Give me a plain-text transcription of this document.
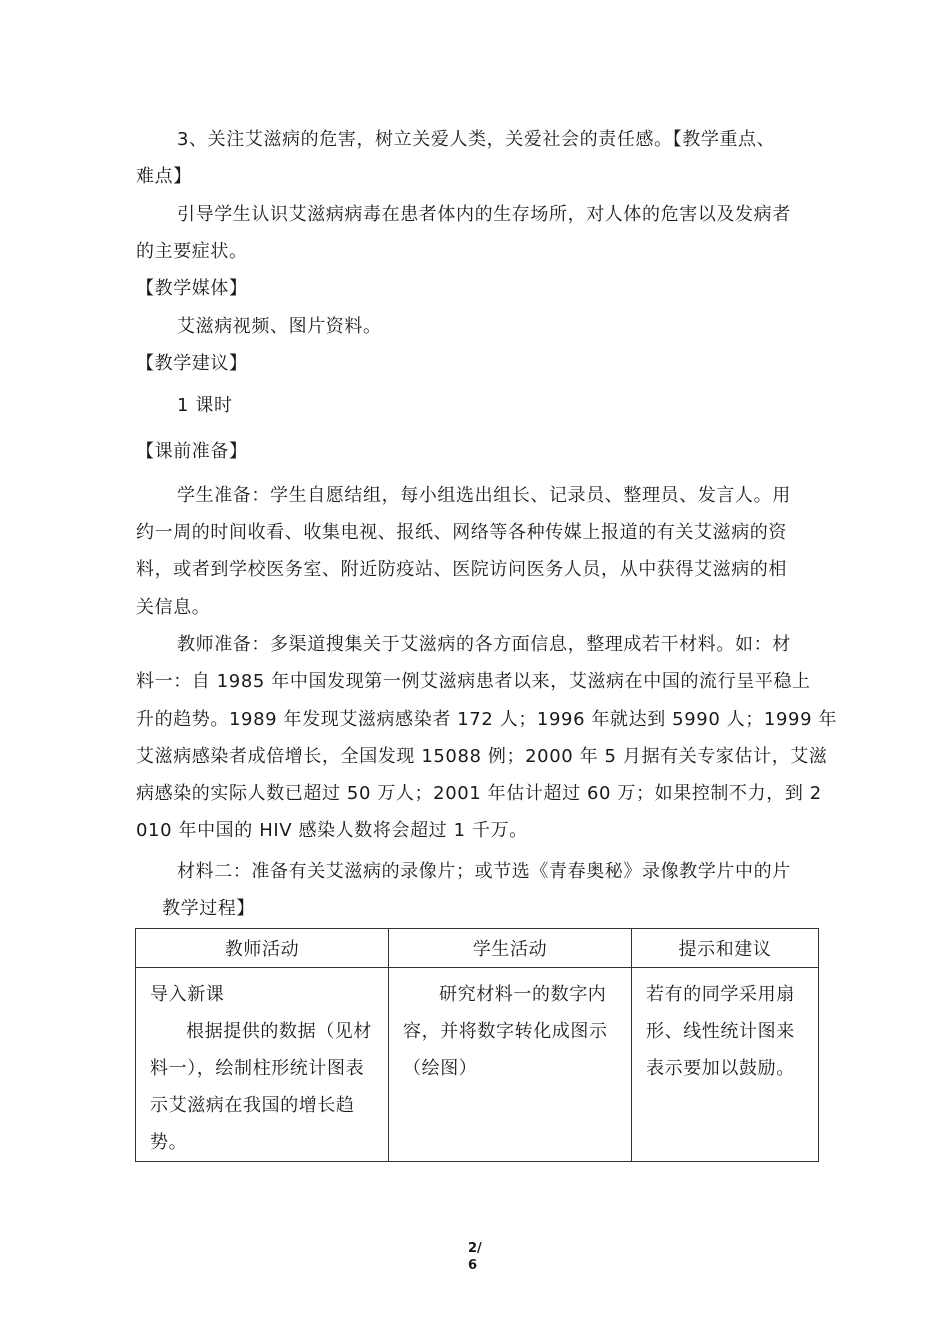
3、关注艾滋病的危害，树立关爱人类，关爱社会的责任感。【教学重点、

难点】

引导学生认识艾滋病病毒在患者体内的生存场所，对人体的危害以及发病者

的主要症状。

【教学媒体】

艾滋病视频、图片资料。

【教学建议】

1 课时

【课前准备】

学生准备：学生自愿结组，每小组选出组长、记录员、整理员、发言人。用

约一周的时间收看、收集电视、报纸、网络等各种传媒上报道的有关艾滋病的资

料，或者到学校医务室、附近防疫站、医院访问医务人员，从中获得艾滋病的相

关信息。

教师准备：多渠道搜集关于艾滋病的各方面信息，整理成若干材料。如：材

料一：自 1985 年中国发现第一例艾滋病患者以来，艾滋病在中国的流行呈平稳上

升的趋势。1989 年发现艾滋病感染者 172 人；1996 年就达到 5990 人；1999 年

艾滋病感染者成倍增长，全国发现 15088 例；2000 年 5 月据有关专家估计，艾滋

病感染的实际人数已超过 50 万人；2001 年估计超过 60 万；如果控制不力，到 2

010 年中国的 HIV 感染人数将会超过 1 千万。

材料二：准备有关艾滋病的录像片；或节选《青春奥秘》录像教学片中的片

教学过程】

教师活动	学生活动	提示和建议

导入新课
根据提供的数据（见材
料一），绘制柱形统计图表
示艾滋病在我国的增长趋
势。	研究材料一的数字内
容，并将数字转化成图示
（绘图）	若有的同学采用扇
形、线性统计图来
表示要加以鼓励。
2/
6
